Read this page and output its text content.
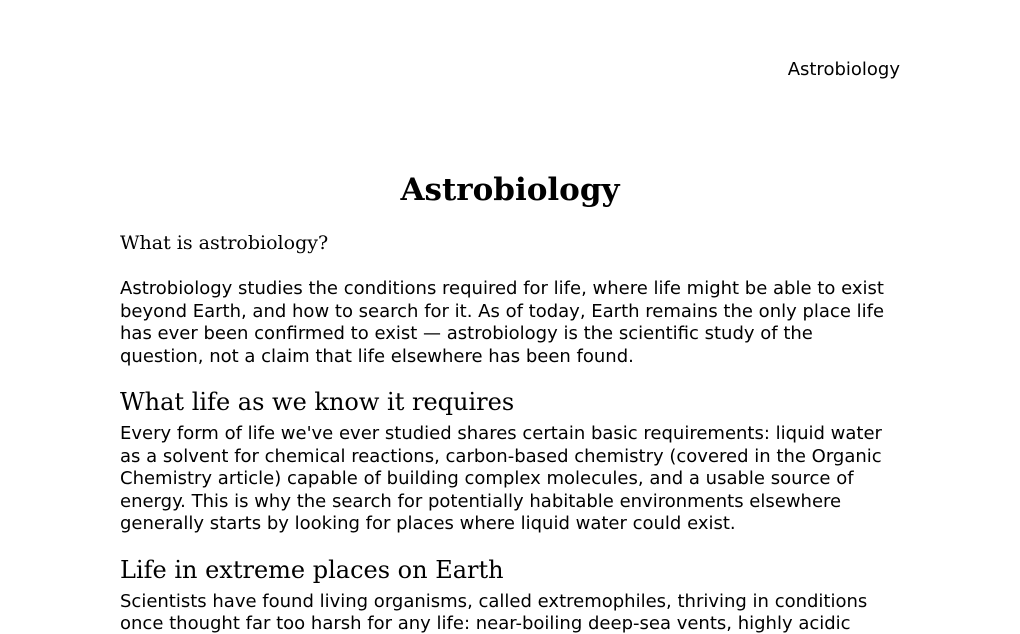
Astrobiology
Astrobiology
What is astrobiology?

Astrobiology studies the conditions required for life, where life might be able to exist beyond Earth, and how to search for it. As of today, Earth remains the only place life has ever been confirmed to exist — astrobiology is the scientific study of the question, not a claim that life elsewhere has been found.

What life as we know it requires

Every form of life we've ever studied shares certain basic requirements: liquid water as a solvent for chemical reactions, carbon-based chemistry (covered in the Organic Chemistry article) capable of building complex molecules, and a usable source of energy. This is why the search for potentially habitable environments elsewhere generally starts by looking for places where liquid water could exist.

Life in extreme places on Earth

Scientists have found living organisms, called extremophiles, thriving in conditions once thought far too harsh for any life: near-boiling deep-sea vents, highly acidic
